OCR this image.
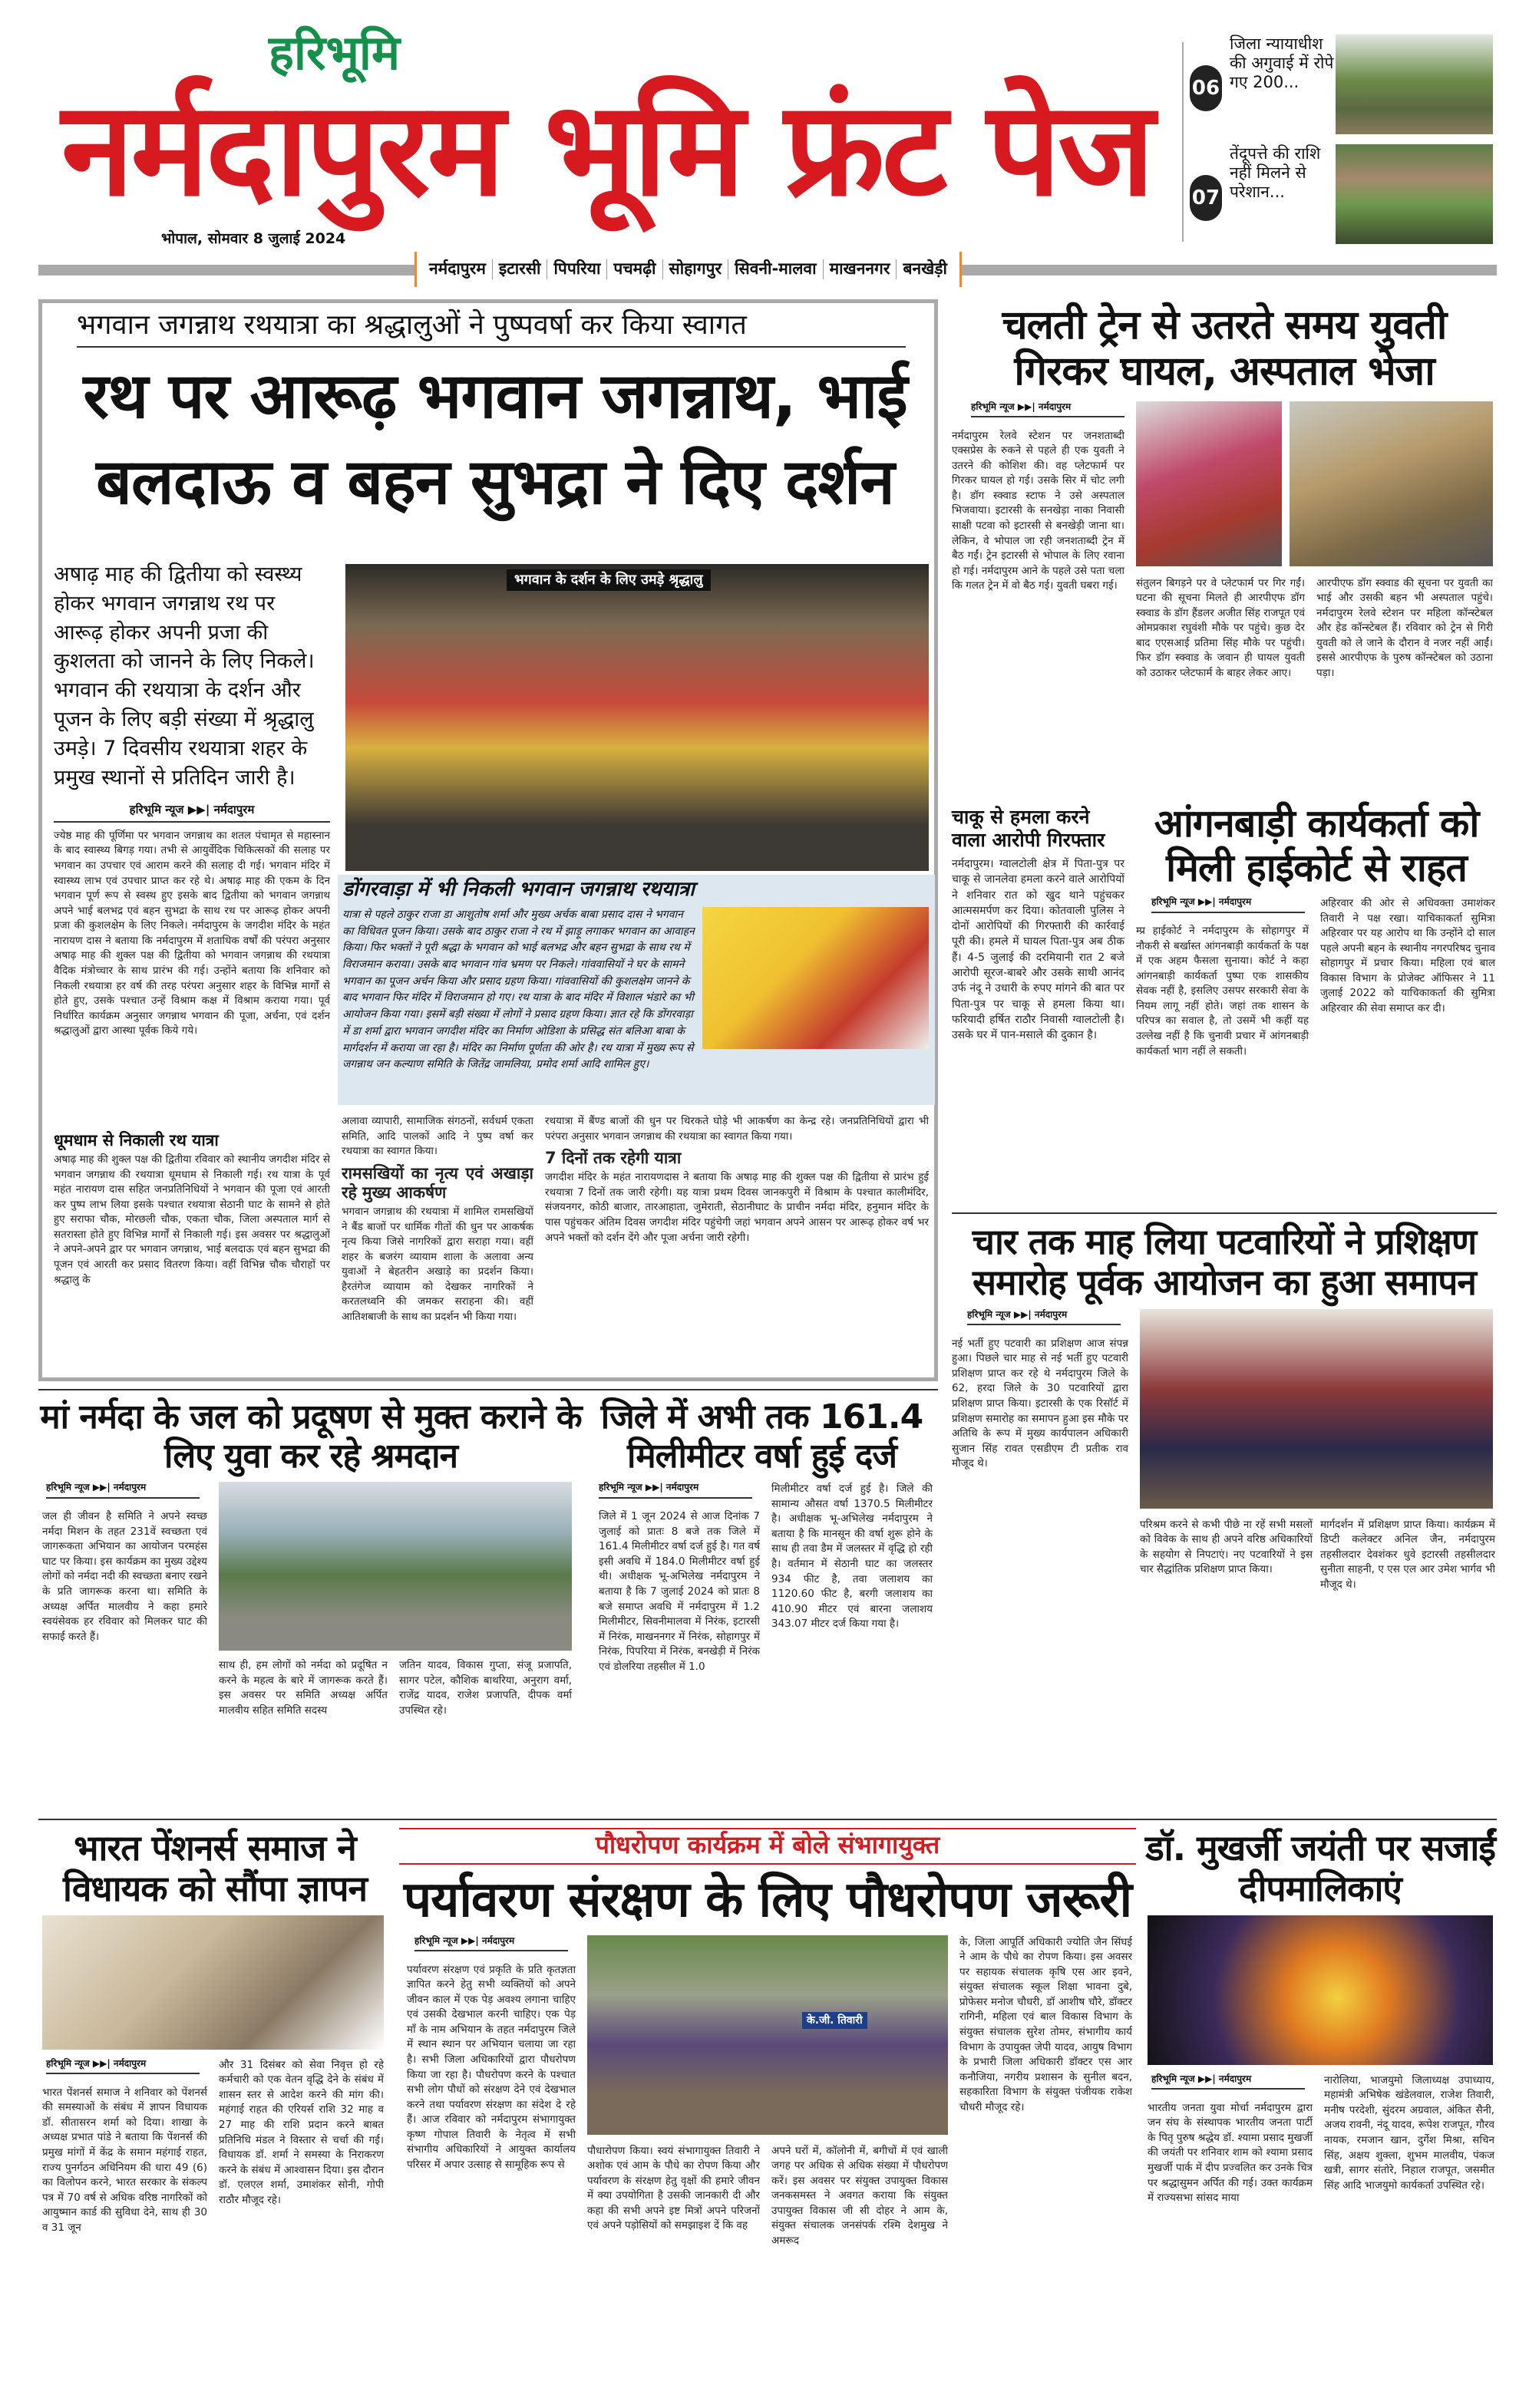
हरिभूमि
नर्मदापुरम भूमि फ्रंट पेज
भोपाल, सोमवार 8 जुलाई 2024
06
जिला न्यायाधीश की अगुवाई में रोपे गए 200...
07
तेंदूपत्ते की राशि नहीं मिलने से परेशान...
नर्मदापुरम इटारसी पिपरिया पचमढ़ी सोहागपुर सिवनी-मालवा माखननगर बनखेड़ी
भगवान जगन्नाथ रथयात्रा का श्रद्धालुओं ने पुष्पवर्षा कर किया स्वागत
रथ पर आरूढ़ भगवान जगन्नाथ, भाई
बलदाऊ व बहन सुभद्रा ने दिए दर्शन
अषाढ़ माह की द्वितीया को स्वस्थ्य होकर भगवान जगन्नाथ रथ पर आरूढ़ होकर अपनी प्रजा की कुशलता को जानने के लिए निकले। भगवान की रथयात्रा के दर्शन और पूजन के लिए बड़ी संख्या में श्रृद्धालु उमड़े। 7 दिवसीय रथयात्रा शहर के प्रमुख स्थानों से प्रतिदिन जारी है।
हरिभूमि न्यूज ▶▶| नर्मदापुरम
ज्येष्ठ माह की पूर्णिमा पर भगवान जगन्नाथ का शतल पंचामृत से महास्नान के बाद स्वास्थ्य बिगड़ गया। तभी से आयुर्वेदिक चिकित्सकों की सलाह पर भगवान का उपचार एवं आराम करने की सलाह दी गई। भगवान मंदिर में स्वास्थ्य लाभ एवं उपचार प्राप्त कर रहे थे। अषाढ़ माह की एकम के दिन भगवान पूर्ण रूप से स्वस्थ हुए इसके बाद द्वितीया को भगवान जगन्नाथ अपने भाई बलभद्र एवं बहन सुभद्रा के साथ रथ पर आरूढ़ होकर अपनी प्रजा की कुशलक्षेम के लिए निकले। नर्मदापुरम के जगदीश मंदिर के महंत नारायण दास ने बताया कि नर्मदापुरम में शताधिक वर्षों की परंपरा अनुसार अषाढ़ माह की शुक्ल पक्ष की द्वितीया को भगवान जगन्नाथ की रथयात्रा वैदिक मंत्रोच्चार के साथ प्रारंभ की गई। उन्होंने बताया कि शनिवार को निकली रथयात्रा हर वर्ष की तरह परंपरा अनुसार शहर के विभिन्न मार्गों से होते हुए, उसके पश्चात उन्हें विश्राम कक्ष में विश्राम कराया गया। पूर्व निर्धारित कार्यक्रम अनुसार जगन्नाथ भगवान की पूजा, अर्चना, एवं दर्शन श्रद्धालुओं द्वारा आस्था पूर्वक किये गये।
धूमधाम से निकाली रथ यात्रा
अषाढ़ माह की शुक्ल पक्ष की द्वितीया रविवार को स्थानीय जगदीश मंदिर से भगवान जगन्नाथ की रथयात्रा धूमधाम से निकाली गई। रथ यात्रा के पूर्व महंत नारायण दास सहित जनप्रतिनिधियों ने भगवान की पूजा एवं आरती कर पुष्प लाभ लिया इसके पश्चात रथयात्रा सेठानी घाट के सामने से होते हुए सराफा चौक, मोरछली चौक, एकता चौक, जिला अस्पताल मार्ग से सतरास्ता होते हुए विभिन्न मार्गों से निकाली गई। इस अवसर पर श्रद्धालुओं ने अपने-अपने द्वार पर भगवान जगन्नाथ, भाई बलदाऊ एवं बहन सुभद्रा की पूजन एवं आरती कर प्रसाद वितरण किया। वहीं विभिन्न चौक चौराहों पर श्रद्धालु के
भगवान के दर्शन के लिए उमड़े श्रृद्धालु
डोंगरवाड़ा में भी निकली भगवान जगन्नाथ रथयात्रा
यात्रा से पहले ठाकुर राजा डा आशुतोष शर्मा और मुख्य अर्चक बाबा प्रसाद दास ने भगवान का विधिवत पूजन किया। उसके बाद ठाकुर राजा ने रथ में झाड़ू लगाकर भगवान का आवाहन किया। फिर भक्तों ने पूरी श्रद्धा के भगवान को भाई बलभद्र और बहन सुभद्रा के साथ रथ में विराजमान कराया। उसके बाद भगवान गांव भ्रमण पर निकले। गांववासियों ने घर के सामने भगवान का पूजन अर्चन किया और प्रसाद ग्रहण किया। गांववासियों की कुशलक्षेम जानने के बाद भगवान फिर मंदिर में विराजमान हो गए। रथ यात्रा के बाद मंदिर में विशाल भंडारे का भी आयोजन किया गया। इसमें बड़ी संख्या में लोगों ने प्रसाद ग्रहण किया। ज्ञात रहे कि डोंगरवाड़ा में डा शर्मा द्वारा भगवान जगदीश मंदिर का निर्माण ओडिशा के प्रसिद्ध संत बलिआ बाबा के मार्गदर्शन में कराया जा रहा है। मंदिर का निर्माण पूर्णता की ओर है। रथ यात्रा में मुख्य रूप से जगन्नाथ जन कल्याण समिति के जितेंद्र जामलिया, प्रमोद शर्मा आदि शामिल हुए।
अलावा व्यापारी, सामाजिक संगठनों, सर्वधर्म एकता समिति, आदि पालकों आदि ने पुष्प वर्षा कर रथयात्रा का स्वागत किया।
रामसखियों का नृत्य एवं अखाड़ा रहे मुख्य आकर्षण
भगवान जगन्नाथ की रथयात्रा में शामिल रामसखियों ने बैंड बाजों पर धार्मिक गीतों की धुन पर आकर्षक नृत्य किया जिसे नागरिकों द्वारा सराहा गया। वहीं शहर के बजरंग व्यायाम शाला के अलावा अन्य युवाओं ने बेहतरीन अखाड़े का प्रदर्शन किया। हैरतंगेज व्यायाम को देखकर नागरिकों ने करतलध्वनि की जमकर सराहना की। वहीं आतिशबाजी के साथ का प्रदर्शन भी किया गया।
रथयात्रा में बैंण्ड बाजों की धुन पर थिरकते घोड़े भी आकर्षण का केन्द्र रहे। जनप्रतिनिधियों द्वारा भी परंपरा अनुसार भगवान जगन्नाथ की रथयात्रा का स्वागत किया गया।
7 दिनों तक रहेगी यात्रा
जगदीश मंदिर के महंत नारायणदास ने बताया कि अषाढ़ माह की शुक्ल पक्ष की द्वितीया से प्रारंभ हुई रथयात्रा 7 दिनों तक जारी रहेगी। यह यात्रा प्रथम दिवस जानकपुरी में विश्राम के पश्चात कालीमंदिर, संजयनगर, कोठी बाजार, तारआहाता, जुमेराती, सेठानीघाट के प्राचीन नर्मदा मंदिर, हनुमान मंदिर के पास पहुंचकर अंतिम दिवस जगदीश मंदिर पहुंचेगी जहां भगवान अपने आसन पर आरूढ़ होकर वर्ष भर अपने भक्तों को दर्शन देंगे और पूजा अर्चना जारी रहेगी।
चलती ट्रेन से उतरते समय युवती गिरकर घायल, अस्पताल भेजा
हरिभूमि न्यूज ▶▶| नर्मदापुरम
नर्मदापुरम रेलवे स्टेशन पर जनशताब्दी एक्सप्रेस के रुकने से पहले ही एक युवती ने उतरने की कोशिश की। वह प्लेटफार्म पर गिरकर घायल हो गई। उसके सिर में चोट लगी है। डॉग स्क्वाड स्टाफ ने उसे अस्पताल भिजवाया। इटारसी के सनखेड़ा नाका निवासी साक्षी पटवा को इटारसी से बनखेड़ी जाना था। लेकिन, वे भोपाल जा रही जनशताब्दी ट्रेन में बैठ गईं। ट्रेन इटारसी से भोपाल के लिए रवाना हो गई। नर्मदापुरम आने के पहले उसे पता चला कि गलत ट्रेन में वो बैठ गई। युवती घबरा गई।	संतुलन बिगड़ने पर वे प्लेटफार्म पर गिर गईं। घटना की सूचना मिलते ही आरपीएफ डॉग स्क्वाड के डॉग हैंडलर अजीत सिंह राजपूत एवं ओमप्रकाश रघुवंशी मौके पर पहुंचे। कुछ देर बाद एएसआई प्रतिमा सिंह मौके पर पहुंची। फिर डॉग स्क्वाड के जवान ही घायल युवती को उठाकर प्लेटफार्म के बाहर लेकर आए।
आरपीएफ डॉग स्क्वाड की सूचना पर युवती का भाई और उसकी बहन भी अस्पताल पहुंचे। नर्मदापुरम रेलवे स्टेशन पर महिला कॉन्स्टेबल और हेड कॉन्स्टेबल हैं। रविवार को ट्रेन से गिरी युवती को ले जाने के दौरान वे नजर नहीं आईं। इससे आरपीएफ के पुरुष कॉन्स्टेबल को उठाना पड़ा।
चाकू से हमला करने वाला आरोपी गिरफ्तार
नर्मदापुरम। ग्वालटोली क्षेत्र में पिता-पुत्र पर चाकू से जानलेवा हमला करने वाले आरोपियों ने शनिवार रात को खुद थाने पहुंचकर आत्मसमर्पण कर दिया। कोतवाली पुलिस ने दोनों आरोपियों की गिरफ्तारी की कार्रवाई पूरी की। हमले में घायल पिता-पुत्र अब ठीक हैं। 4-5 जुलाई की दरमियानी रात 2 बजे आरोपी सूरज-बाबरे और उसके साथी आनंद उर्फ नंदू ने उधारी के रुपए मांगने की बात पर पिता-पुत्र पर चाकू से हमला किया था। फरियादी हर्षित राठौर निवासी ग्वालटोली है। उसके घर में पान-मसाले की दुकान है।
आंगनबाड़ी कार्यकर्ता को मिली हाईकोर्ट से राहत
हरिभूमि न्यूज ▶▶| नर्मदापुरम
म्प्र हाईकोर्ट ने नर्मदापुरम के सोहागपुर में नौकरी से बर्खास्त आंगनबाड़ी कार्यकर्ता के पक्ष में एक अहम फैसला सुनाया। कोर्ट ने कहा आंगनबाड़ी कार्यकर्ता पुष्पा एक शासकीय सेवक नहीं है, इसलिए उसपर सरकारी सेवा के नियम लागू नहीं होते। जहां तक शासन के परिपत्र का सवाल है, तो उसमें भी कहीं यह उल्लेख नहीं है कि चुनावी प्रचार में आंगनबाड़ी कार्यकर्ता भाग नहीं ले सकती।
अहिरवार की ओर से अधिवक्ता उमाशंकर तिवारी ने पक्ष रखा। याचिकाकर्ता सुमित्रा अहिरवार पर यह आरोप था कि उन्होंने दो साल पहले अपनी बहन के स्थानीय नगरपरिषद चुनाव सोहागपुर में प्रचार किया। महिला एवं बाल विकास विभाग के प्रोजेक्ट ऑफिसर ने 11 जुलाई 2022 को याचिकाकर्ता की सुमित्रा अहिरवार की सेवा समाप्त कर दी।
चार तक माह लिया पटवारियों ने प्रशिक्षण समारोह पूर्वक आयोजन का हुआ समापन
हरिभूमि न्यूज ▶▶| नर्मदापुरम
नई भर्ती हुए पटवारी का प्रशिक्षण आज संपन्न हुआ। पिछले चार माह से नई भर्ती हुए पटवारी प्रशिक्षण प्राप्त कर रहे थे नर्मदापुरम जिले के 62, हरदा जिले के 30 पटवारियों द्वारा प्रशिक्षण प्राप्त किया। इटारसी के एक रिसॉर्ट में प्रशिक्षण समारोह का समापन हुआ इस मौके पर अतिथि के रूप में मुख्य कार्यपालन अधिकारी सुजान सिंह रावत एसडीएम टी प्रतीक राव मौजूद थे।
परिश्रम करने से कभी पीछे ना रहें सभी मसलों को विवेक के साथ ही अपने वरिष्ठ अधिकारियों के सहयोग से निपटाएं। नए पटवारियों ने इस चार सैद्धांतिक प्रशिक्षण प्राप्त किया।
मार्गदर्शन में प्रशिक्षण प्राप्त किया। कार्यक्रम में डिप्टी कलेक्टर अनिल जैन, नर्मदापुरम तहसीलदार देवशंकर धुवे इटारसी तहसीलदार सुनीता साहनी, ए एस एल आर उमेश भार्गव भी मौजूद थे।
मां नर्मदा के जल को प्रदूषण से मुक्त कराने के लिए युवा कर रहे श्रमदान
हरिभूमि न्यूज ▶▶| नर्मदापुरम
जल ही जीवन है समिति ने अपने स्वच्छ नर्मदा मिशन के तहत 231वें स्वच्छता एवं जागरूकता अभियान का आयोजन परमहंस घाट पर किया। इस कार्यक्रम का मुख्य उद्देश्य लोगों को नर्मदा नदी की स्वच्छता बनाए रखने के प्रति जागरूक करना था। समिति के अध्यक्ष अर्पित मालवीय ने कहा हमारे स्वयंसेवक हर रविवार को मिलकर घाट की सफाई करते हैं।
साथ ही, हम लोगों को नर्मदा को प्रदूषित न करने के महत्व के बारे में जागरूक करते हैं। इस अवसर पर समिति अध्यक्ष अर्पित मालवीय सहित समिति सदस्य
जतिन यादव, विकास गुप्ता, संजू प्रजापति, सागर पटेल, कौशिक बाथरिया, अनुराग वर्मा, राजेंद्र यादव, राजेश प्रजापति, दीपक वर्मा उपस्थित रहे।
जिले में अभी तक 161.4 मिलीमीटर वर्षा हुई दर्ज
हरिभूमि न्यूज ▶▶| नर्मदापुरम
जिले में 1 जून 2024 से आज दिनांक 7 जुलाई को प्रातः 8 बजे तक जिले में 161.4 मिलीमीटर वर्षा दर्ज हुई है। गत वर्ष इसी अवधि में 184.0 मिलीमीटर वर्षा हुई थी। अधीक्षक भू-अभिलेख नर्मदापुरम ने बताया है कि 7 जुलाई 2024 को प्रातः 8 बजे समाप्त अवधि में नर्मदापुरम में 1.2 मिलीमीटर, सिवनीमालवा में निरंक, इटारसी में निरंक, माखननगर में निरंक, सोहागपुर में निरंक, पिपरिया में निरंक, बनखेड़ी में निरंक एवं डोलरिया तहसील में 1.0
मिलीमीटर वर्षा दर्ज हुई है। जिले की सामान्य औसत वर्षा 1370.5 मिलीमीटर है। अधीक्षक भू-अभिलेख नर्मदापुरम ने बताया है कि मानसून की वर्षा शुरू होने के साथ ही तवा डैम में जलस्तर में वृद्धि हो रही है। वर्तमान में सेठानी घाट का जलस्तर 934 फीट है, तवा जलाशय का 1120.60 फीट है, बरगी जलाशय का 410.90 मीटर एवं बारना जलाशय 343.07 मीटर दर्ज किया गया है।
भारत पेंशनर्स समाज ने विधायक को सौंपा ज्ञापन
हरिभूमि न्यूज ▶▶| नर्मदापुरम
भारत पेंशनर्स समाज ने शनिवार को पेंशनर्स की समस्याओं के संबंध में ज्ञापन विधायक डॉ. सीतासरन शर्मा को दिया। शाखा के अध्यक्ष प्रभात पांडे ने बताया कि पेंशनर्स की प्रमुख मांगों में केंद्र के समान महंगाई राहत, राज्य पुनर्गठन अधिनियम की धारा 49 (6) का विलोपन करने, भारत सरकार के संकल्प पत्र में 70 वर्ष से अधिक वरिष्ठ नागरिकों को आयुष्मान कार्ड की सुविधा देने, साथ ही 30 व 31 जून
और 31 दिसंबर को सेवा निवृत्त हो रहे कर्मचारी को एक वेतन वृद्धि देने के संबंध में शासन स्तर से आदेश करने की मांग की। महंगाई राहत की एरियर्स राशि 32 माह व 27 माह की राशि प्रदान करने बाबत प्रतिनिधि मंडल ने विस्तार से चर्चा की गई। विधायक डॉ. शर्मा ने समस्या के निराकरण करने के संबंध में आश्वासन दिया। इस दौरान डॉ. एलएल शर्मा, उमाशंकर सोनी, गोपी राठौर मौजूद रहे।
पौधरोपण कार्यक्रम में बोले संभागायुक्त
पर्यावरण संरक्षण के लिए पौधरोपण जरूरी
हरिभूमि न्यूज ▶▶| नर्मदापुरम
पर्यावरण संरक्षण एवं प्रकृति के प्रति कृतज्ञता ज्ञापित करने हेतु सभी व्यक्तियों को अपने जीवन काल में एक पेड़ अवश्य लगाना चाहिए एवं उसकी देखभाल करनी चाहिए। एक पेड़ माँ के नाम अभियान के तहत नर्मदापुरम जिले में स्थान स्थान पर अभियान चलाया जा रहा है। सभी जिला अधिकारियों द्वारा पौधरोपण किया जा रहा है। पौधरोपण करने के पश्चात सभी लोग पौधों को संरक्षण देने एवं देखभाल करने तथा पर्यावरण संरक्षण का संदेश दे रहे हैं। आज रविवार को नर्मदापुरम संभागायुक्त कृष्ण गोपाल तिवारी के नेतृत्व में सभी संभागीय अधिकारियों ने आयुक्त कार्यालय परिसर में अपार उत्साह से सामूहिक रूप से
के.जी. तिवारी
पौधारोपण किया। स्वयं संभागायुक्त तिवारी ने अशोक एवं आम के पौधे का रोपण किया और पर्यावरण के संरक्षण हेतु वृक्षों की हमारे जीवन में क्या उपयोगिता है उसकी जानकारी दी और कहा की सभी अपने इष्ट मित्रों अपने परिजनों एवं अपने पड़ोसियों को समझाइश दें कि वह
अपने घरों में, कॉलोनी में, बगीचों में एवं खाली जगह पर अधिक से अधिक संख्या में पौधरोपण करें। इस अवसर पर संयुक्त उपायुक्त विकास जनकसमस्त ने अवगत कराया कि संयुक्त उपायुक्त विकास जी सी दोहर ने आम के, संयुक्त संचालक जनसंपर्क रश्मि देशमुख ने अमरूद
के, जिला आपूर्ति अधिकारी ज्योति जैन सिंघई ने आम के पौधे का रोपण किया। इस अवसर पर सहायक संचालक कृषि एस आर इवने, संयुक्त संचालक स्कूल शिक्षा भावना दुबे, प्रोफेसर मनोज चौधरी, डॉ आशीष चौरे, डॉक्टर रागिनी, महिला एवं बाल विकास विभाग के संयुक्त संचालक सुरेश तोमर, संभागीय कार्य विभाग के उपायुक्त जेपी यादव, आयुष विभाग के प्रभारी जिला अधिकारी डॉक्टर एस आर कनौजिया, नगरीय प्रशासन के सुनील बदन, सहकारिता विभाग के संयुक्त पंजीयक राकेश चौधरी मौजूद रहे।
डॉ. मुखर्जी जयंती पर सजाईं दीपमालिकाएं
हरिभूमि न्यूज ▶▶| नर्मदापुरम
भारतीय जनता युवा मोर्चा नर्मदापुरम द्वारा जन संघ के संस्थापक भारतीय जनता पार्टी के पितृ पुरुष श्रद्धेय डॉ. श्यामा प्रसाद मुखर्जी की जयंती पर शनिवार शाम को श्यामा प्रसाद मुखर्जी पार्क में दीप प्रज्वलित कर उनके चित्र पर श्रद्धासुमन अर्पित की गई। उक्त कार्यक्रम में राज्यसभा सांसद माया
नारोलिया, भाजयुमो जिलाध्यक्ष उपाध्याय, महामंत्री अभिषेक खंडेलवाल, राजेश तिवारी, मनीष परदेशी, सुंदरम अग्रवाल, अंकित सैनी, अजय रावनी, नंदू यादव, रूपेश राजपूत, गौरव नायक, रमजान खान, दुर्गेश मिश्रा, सचिन सिंह, अक्षय शुक्ला, शुभम मालवीय, पंकज खत्री, सागर संतोरे, निहाल राजपूत, जसमीत सिंह आदि भाजयुमो कार्यकर्ता उपस्थित रहे।
